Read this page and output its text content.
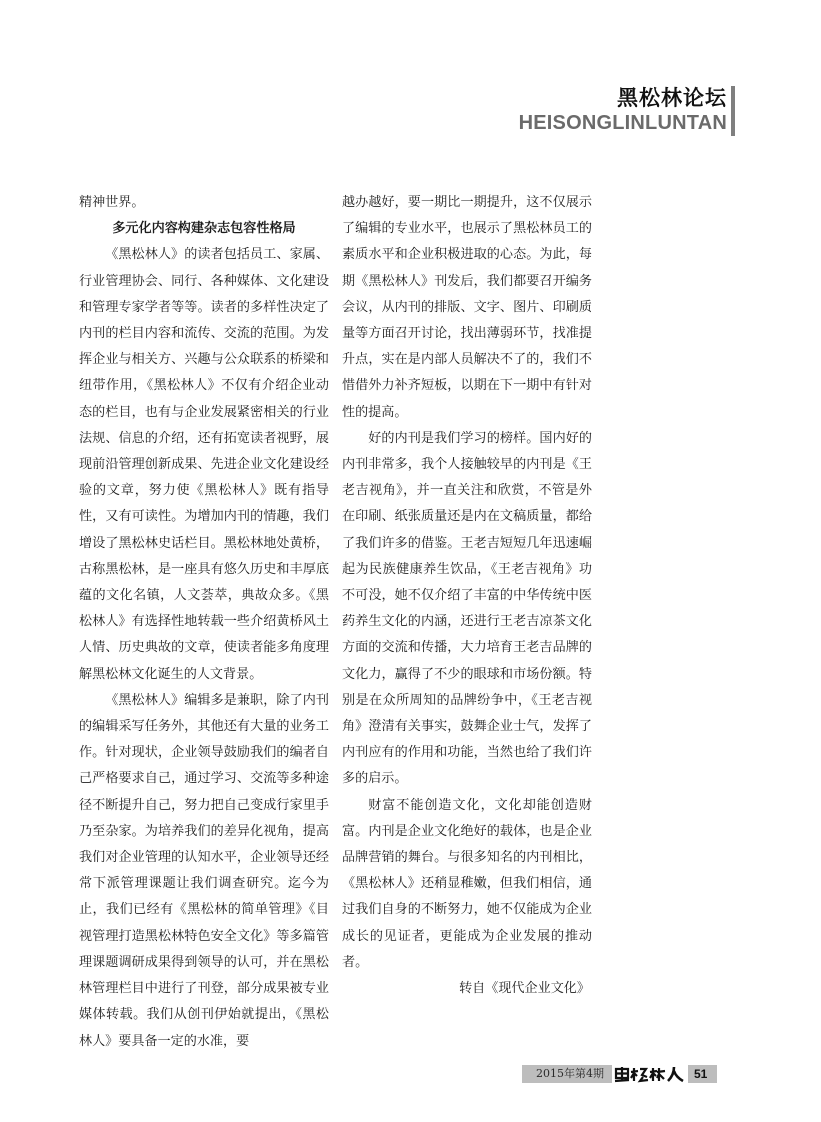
黑松林论坛
HEISONGLINLUNTAN

精神世界。

多元化内容构建杂志包容性格局

《黑松林人》的读者包括员工、家属、行业管理协会、同行、各种媒体、文化建设和管理专家学者等等。读者的多样性决定了内刊的栏目内容和流传、交流的范围。为发挥企业与相关方、兴趣与公众联系的桥梁和纽带作用，《黑松林人》不仅有介绍企业动态的栏目，也有与企业发展紧密相关的行业法规、信息的介绍，还有拓宽读者视野，展现前沿管理创新成果、先进企业文化建设经验的文章，努力使《黑松林人》既有指导性，又有可读性。为增加内刊的情趣，我们增设了黑松林史话栏目。黑松林地处黄桥，古称黑松林，是一座具有悠久历史和丰厚底蕴的文化名镇，人文荟萃，典故众多。《黑松林人》有选择性地转载一些介绍黄桥风土人情、历史典故的文章，使读者能多角度理解黑松林文化诞生的人文背景。

《黑松林人》编辑多是兼职，除了内刊的编辑采写任务外，其他还有大量的业务工作。针对现状，企业领导鼓励我们的编者自己严格要求自己，通过学习、交流等多种途径不断提升自己，努力把自己变成行家里手乃至杂家。为培养我们的差异化视角，提高我们对企业管理的认知水平，企业领导还经常下派管理课题让我们调查研究。迄今为止，我们已经有《黑松林的简单管理》《目视管理打造黑松林特色安全文化》等多篇管理课题调研成果得到领导的认可，并在黑松林管理栏目中进行了刊登，部分成果被专业媒体转载。我们从创刊伊始就提出，《黑松林人》要具备一定的水准，要

越办越好，要一期比一期提升，这不仅展示了编辑的专业水平，也展示了黑松林员工的素质水平和企业积极进取的心态。为此，每期《黑松林人》刊发后，我们都要召开编务会议，从内刊的排版、文字、图片、印刷质量等方面召开讨论，找出薄弱环节，找准提升点，实在是内部人员解决不了的，我们不惜借外力补齐短板，以期在下一期中有针对性的提高。

好的内刊是我们学习的榜样。国内好的内刊非常多，我个人接触较早的内刊是《王老吉视角》，并一直关注和欣赏，不管是外在印刷、纸张质量还是内在文稿质量，都给了我们许多的借鉴。王老吉短短几年迅速崛起为民族健康养生饮品，《王老吉视角》功不可没，她不仅介绍了丰富的中华传统中医药养生文化的内涵，还进行王老吉凉茶文化方面的交流和传播，大力培育王老吉品牌的文化力，赢得了不少的眼球和市场份额。特别是在众所周知的品牌纷争中，《王老吉视角》澄清有关事实，鼓舞企业士气，发挥了内刊应有的作用和功能，当然也给了我们许多的启示。

财富不能创造文化，文化却能创造财富。内刊是企业文化绝好的载体，也是企业品牌营销的舞台。与很多知名的内刊相比，《黑松林人》还稍显稚嫩，但我们相信，通过我们自身的不断努力，她不仅能成为企业成长的见证者，更能成为企业发展的推动者。

转自《现代企业文化》

2015年第4期	51
